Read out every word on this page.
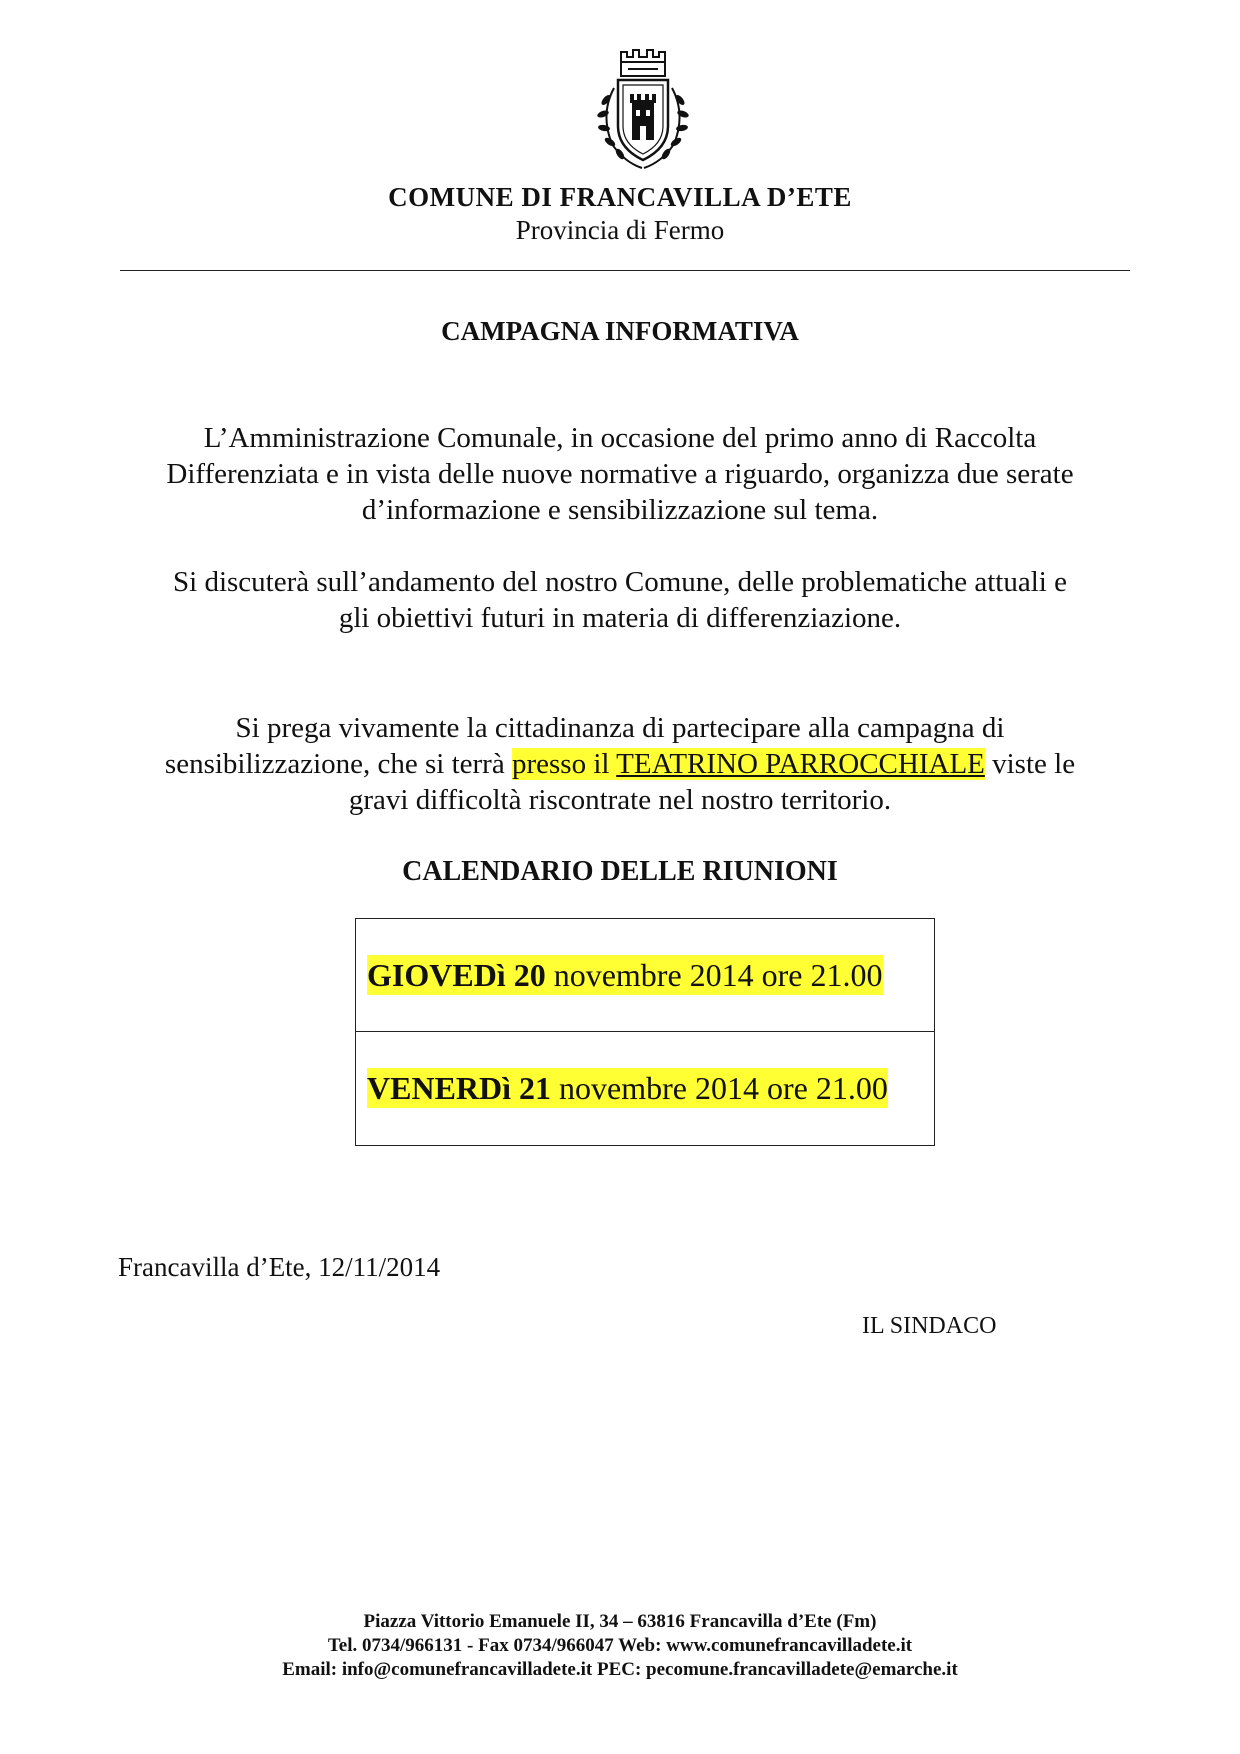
COMUNE DI FRANCAVILLA D’ETE
Provincia di Fermo
CAMPAGNA INFORMATIVA
L’Amministrazione Comunale, in occasione del primo anno di Raccolta
Differenziata e in vista delle nuove normative a riguardo, organizza due serate
d’informazione e sensibilizzazione sul tema.
Si discuterà sull’andamento del nostro Comune, delle problematiche attuali e
gli obiettivi futuri in materia di differenziazione.
Si prega vivamente la cittadinanza di partecipare alla campagna di
sensibilizzazione, che si terrà presso il TEATRINO PARROCCHIALE viste le
gravi difficoltà riscontrate nel nostro territorio.
CALENDARIO DELLE RIUNIONI
GIOVEDì 20 novembre 2014 ore 21.00
VENERDì 21 novembre 2014 ore 21.00
Francavilla d’Ete, 12/11/2014
IL SINDACO
Piazza Vittorio Emanuele II, 34 – 63816 Francavilla d’Ete (Fm)
Tel. 0734/966131 - Fax 0734/966047 Web: www.comunefrancavilladete.it
Email: info@comunefrancavilladete.it PEC: pecomune.francavilladete@emarche.it
